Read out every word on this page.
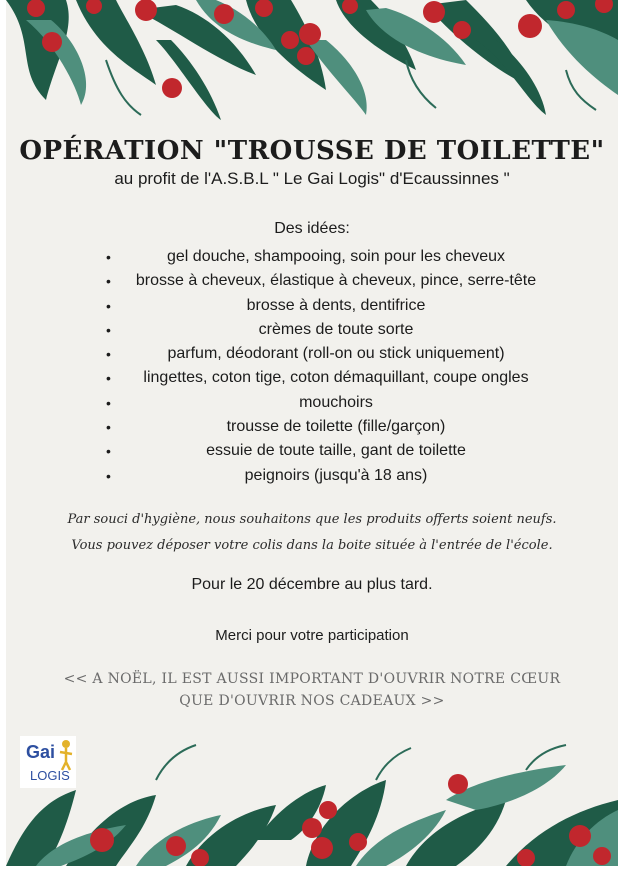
OPÉRATION "TROUSSE DE TOILETTE"
au profit de l'A.S.B.L " Le Gai Logis" d'Ecaussinnes "
Des idées:
• gel douche, shampooing, soin pour les cheveux
• brosse à cheveux, élastique à cheveux, pince, serre-tête
• brosse à dents, dentifrice
• crèmes de toute sorte
• parfum, déodorant (roll-on ou stick uniquement)
• lingettes, coton tige, coton démaquillant, coupe ongles
• mouchoirs
• trousse de toilette (fille/garçon)
• essuie de toute taille, gant de toilette
• peignoirs (jusqu'à 18 ans)
Par souci d'hygiène, nous souhaitons que les produits offerts soient neufs.
Vous pouvez déposer votre colis dans la boite située à l'entrée de l'école.
Pour le 20 décembre au plus tard.
Merci pour votre participation
<< A NOËL, IL EST AUSSI IMPORTANT D'OUVRIR NOTRE CŒUR QUE D'OUVRIR NOS CADEAUX >>
Gai
LOGIS
